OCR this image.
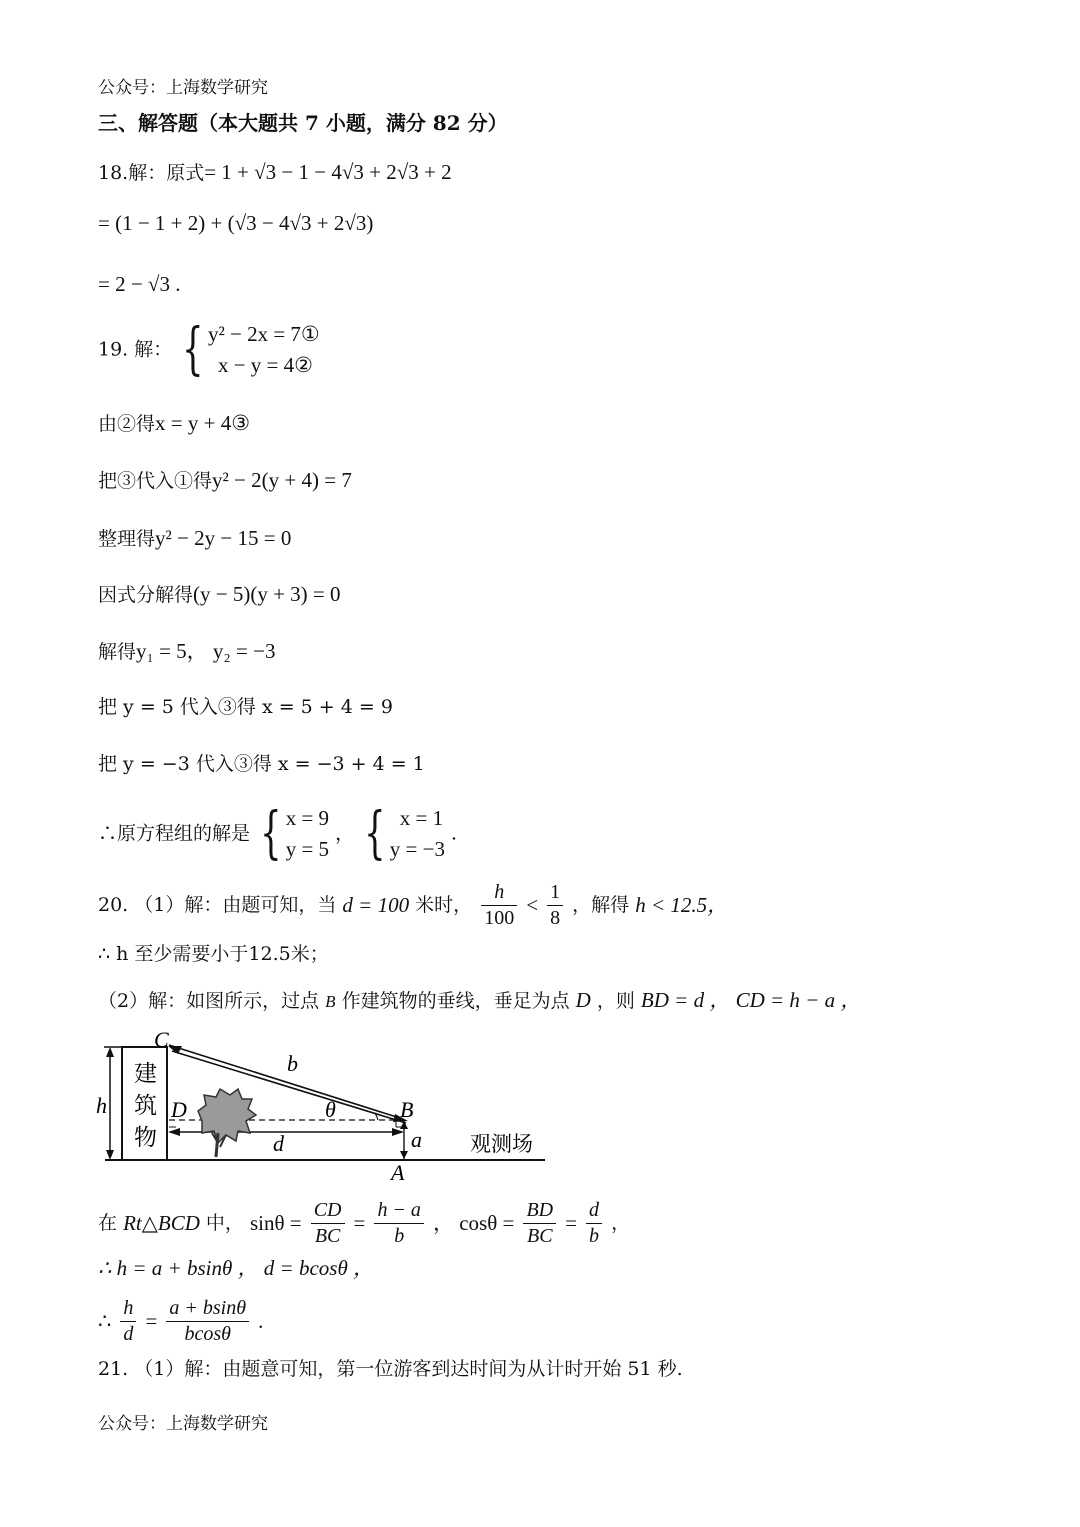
公众号：上海数学研究
三、解答题（本大题共 7 小题，满分 82 分）
18.解：原式= 1 + √3 − 1 − 4√3 + 2√3 + 2
= (1 − 1 + 2) + (√3 − 4√3 + 2√3)
= 2 − √3 .
19. 解： { y² − 2x = 7①
x − y = 4②
由②得x = y + 4③
把③代入①得y² − 2(y + 4) = 7
整理得y² − 2y − 15 = 0
因式分解得(y − 5)(y + 3) = 0
解得y₁ = 5， y₂ = −3
把 y = 5 代入③得 x = 5 + 4 = 9
把 y = −3 代入③得 x = −3 + 4 = 1
∴原方程组的解是 { x = 9
y = 5
， { x = 1
y = −3
.
20. （1）解：由题可知，当 d = 100 米时， $\frac{h}{100} < \frac{1}{8}$ ，解得 h < 12.5，
∴ h 至少需要小于12.5米；
（2）解：如图所示，过点 B 作建筑物的垂线，垂足为点 D ，则 BD = d ， CD = h − a ，
C
b
h	D	θ	B
a
d
A
建
筑
物	观测场
在 Rt△BCD 中， $\sin\theta = \frac{CD}{BC} = \frac{h - a}{b}$ ， $\cos\theta = \frac{BD}{BC} = \frac{d}{b}$ ，
∴ h = a + bsinθ ， d = bcosθ ，
∴ $\frac{h}{d} = \frac{a + bsin\theta}{bcos\theta}$ .
21. （1）解：由题意可知，第一位游客到达时间为从计时开始 51 秒.
公众号：上海数学研究
